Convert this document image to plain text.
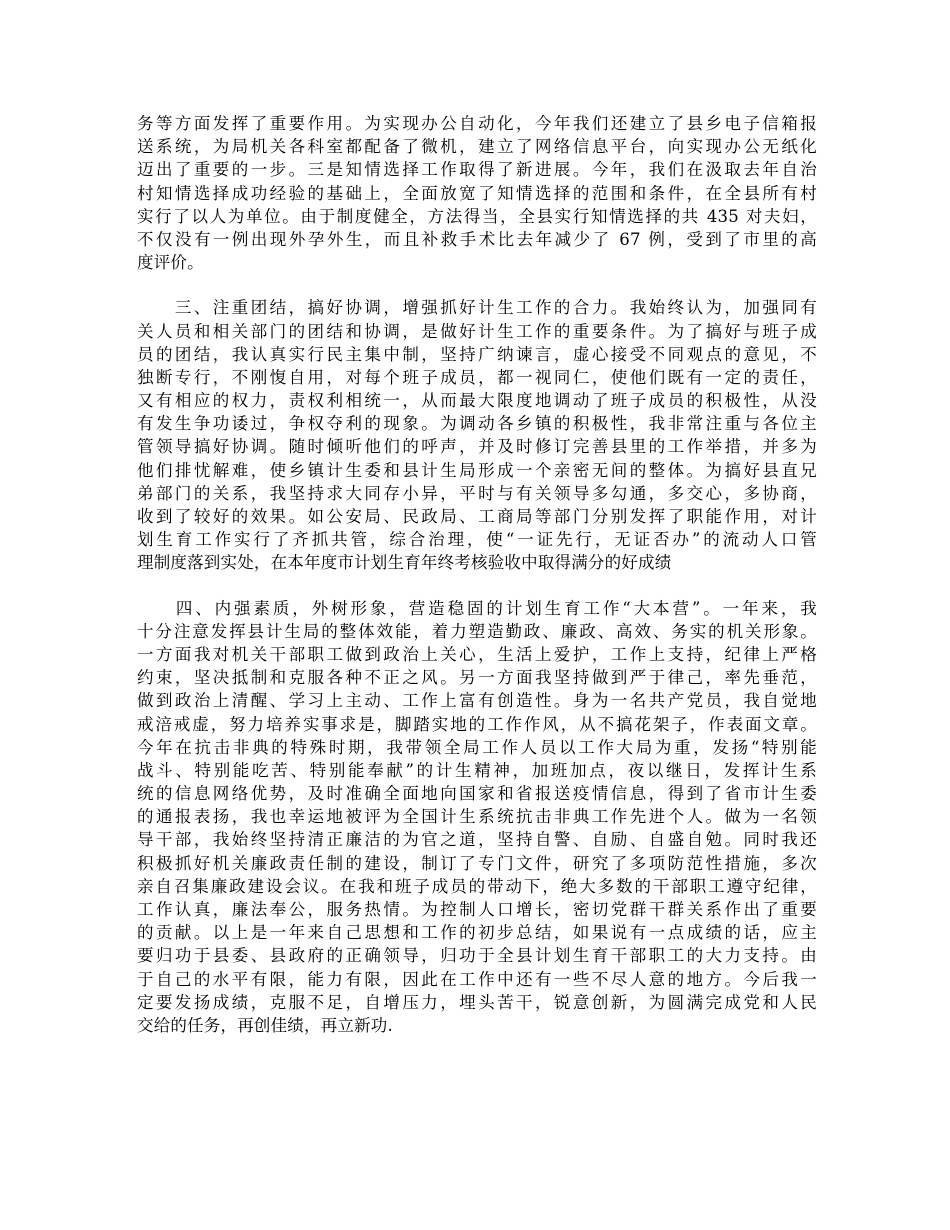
务等方面发挥了重要作用。为实现办公自动化，今年我们还建立了县乡电子信箱报
送系统，为局机关各科室都配备了微机，建立了网络信息平台，向实现办公无纸化
迈出了重要的一步。三是知情选择工作取得了新进展。今年，我们在汲取去年自治
村知情选择成功经验的基础上，全面放宽了知情选择的范围和条件，在全县所有村
实行了以人为单位。由于制度健全，方法得当，全县实行知情选择的共 435 对夫妇，
不仅没有一例出现外孕外生，而且补救手术比去年减少了 67 例，受到了市里的高
度评价。
　　三、注重团结，搞好协调，增强抓好计生工作的合力。我始终认为，加强同有
关人员和相关部门的团结和协调，是做好计生工作的重要条件。为了搞好与班子成
员的团结，我认真实行民主集中制，坚持广纳谏言，虚心接受不同观点的意见，不
独断专行，不刚愎自用，对每个班子成员，都一视同仁，使他们既有一定的责任，
又有相应的权力，责权利相统一，从而最大限度地调动了班子成员的积极性，从没
有发生争功诿过，争权夺利的现象。为调动各乡镇的积极性，我非常注重与各位主
管领导搞好协调。随时倾听他们的呼声，并及时修订完善县里的工作举措，并多为
他们排忧解难，使乡镇计生委和县计生局形成一个亲密无间的整体。为搞好县直兄
弟部门的关系，我坚持求大同存小异，平时与有关领导多勾通，多交心，多协商，
收到了较好的效果。如公安局、民政局、工商局等部门分别发挥了职能作用，对计
划生育工作实行了齐抓共管，综合治理，使“一证先行，无证否办”的流动人口管
理制度落到实处，在本年度市计划生育年终考核验收中取得满分的好成绩
　　四、内强素质，外树形象，营造稳固的计划生育工作“大本营”。一年来，我
十分注意发挥县计生局的整体效能，着力塑造勤政、廉政、高效、务实的机关形象。
一方面我对机关干部职工做到政治上关心，生活上爱护，工作上支持，纪律上严格
约束，坚决抵制和克服各种不正之风。另一方面我坚持做到严于律己，率先垂范，
做到政治上清醒、学习上主动、工作上富有创造性。身为一名共产党员，我自觉地
戒涪戒虚，努力培养实事求是，脚踏实地的工作作风，从不搞花架子，作表面文章。
今年在抗击非典的特殊时期，我带领全局工作人员以工作大局为重，发扬“特别能
战斗、特别能吃苦、特别能奉献”的计生精神，加班加点，夜以继日，发挥计生系
统的信息网络优势，及时准确全面地向国家和省报送疫情信息，得到了省市计生委
的通报表扬，我也幸运地被评为全国计生系统抗击非典工作先进个人。做为一名领
导干部，我始终坚持清正廉洁的为官之道，坚持自警、自励、自盛自勉。同时我还
积极抓好机关廉政责任制的建设，制订了专门文件，研究了多项防范性措施，多次
亲自召集廉政建设会议。在我和班子成员的带动下，绝大多数的干部职工遵守纪律，
工作认真，廉法奉公，服务热情。为控制人口增长，密切党群干群关系作出了重要
的贡献。以上是一年来自己思想和工作的初步总结，如果说有一点成绩的话，应主
要归功于县委、县政府的正确领导，归功于全县计划生育干部职工的大力支持。由
于自己的水平有限，能力有限，因此在工作中还有一些不尽人意的地方。今后我一
定要发扬成绩，克服不足，自增压力，埋头苦干，锐意创新，为圆满完成党和人民
交给的任务，再创佳绩，再立新功.
